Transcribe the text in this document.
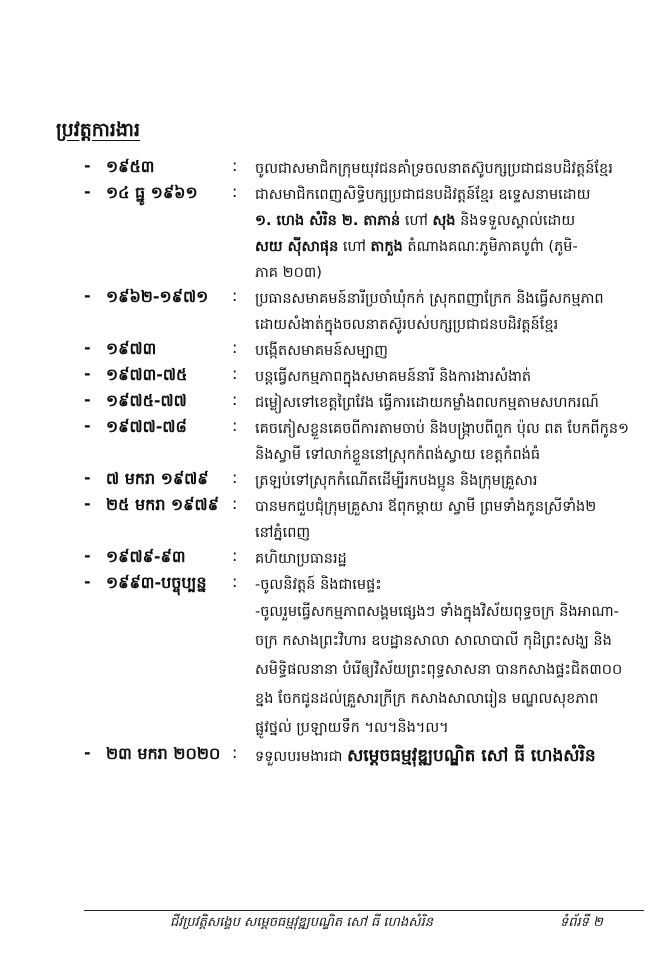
ប្រវត្តការងារ
- ១៩៥៣	: ចូលជាសមាជិកក្រុមយុវជនគាំទ្រចលនាតស៊ូបក្សប្រជាជនបដិវត្តន៍ខ្មែរ
- ១៤ ធ្នូ ១៩៦១ : ជាសមាជិកពេញសិទ្ធិបក្សប្រជាជនបដិវត្តន៍ខ្មែរ ឧទ្ទេសនាមដោយ
១. ហេង សំរិន ២. តាភាន់ ហៅ សុង និងទទួលស្គាល់ដោយ
សយ ស៊ីសាផុន ហៅ តាកួង តំណាងគណៈភូមិភាគបូព៌ា (ភូមិ-
ភាគ ២០៣)
- ១៩៦២-១៩៧១ : ប្រធានសមាគមន៍នារីប្រចាំឃុំកក់ ស្រុកពញាក្រែក និងធ្វើសកម្មភាព
ដោយសំងាត់ក្នុងចលនាតស៊ូរបស់បក្សប្រជាជនបដិវត្តន៍ខ្មែរ
- ១៩៧៣	: បង្កើតសមាគមន៍សម្បាញ
- ១៩៧៣-៧៥	: បន្តធ្វើសកម្មភាពក្នុងសមាគមន៍នារី និងការងារសំងាត់
- ១៩៧៥-៧៧	: ជម្លៀសទៅខេត្តព្រៃវែង ធ្វើការដោយកម្លាំងពលកម្មតាមសហករណ៍
- ១៩៧៧-៧៨	: គេចភៀសខ្លួនគេចពីការតាមចាប់ និងបង្ក្រាបពីពួក ប៉ុល ពត បែកពីកូន១
និងស្វាមី ទៅលាក់ខ្លួននៅស្រុកកំពង់ស្វាយ ខេត្តកំពង់ធំ
- ៧ មករា ១៩៧៩ : ត្រឡប់ទៅស្រុកកំណើតដើម្បីរកបងប្អូន និងក្រុមគ្រួសារ
- ២៥ មករា ១៩៧៩ : បានមកជួបជុំក្រុមគ្រួសារ ឪពុកម្តាយ ស្វាមី ព្រមទាំងកូនស្រីទាំង២
នៅភ្នំពេញ
- ១៩៧៩-៩៣	: គហិយាប្រធានរដ្ឋ
- ១៩៩៣-បច្ចុប្បន្ន : -ចូលនិវត្តន៍ និងជាមេផ្ទះ
-ចូលរួមធ្វើសកម្មភាពសង្គមផ្សេងៗ ទាំងក្នុងវិស័យពុទ្ធចក្រ និងអាណា-
ចក្រ កសាងព្រះវិហារ ឧបដ្ឋានសាលា សាលាបាលី កុដិព្រះសង្ឃ និង
សមិទ្ធិផលនានា បំរើឲ្យវិស័យព្រះពុទ្ធសាសនា បានកសាងផ្ទះជិត៣០០
ខ្នង ចែកជូនដល់គ្រួសារក្រីក្រ កសាងសាលារៀន មណ្ឌលសុខភាព
ផ្លូវថ្នល់ ប្រឡាយទឹក ។ល។និង។ល។
- ២៣ មករា ២០២០ : ទទួលបរមងារជា សម្តេចធម្មវុឌ្ឍបណ្ឌិត សៅ ធី ហេងសំរិន
ជីវប្រវត្តិសង្ខេប សម្តេចធម្មវុឌ្ឍបណ្ឌិត សៅ ធី ហេងសំរិន	ទំព័រទី ២
